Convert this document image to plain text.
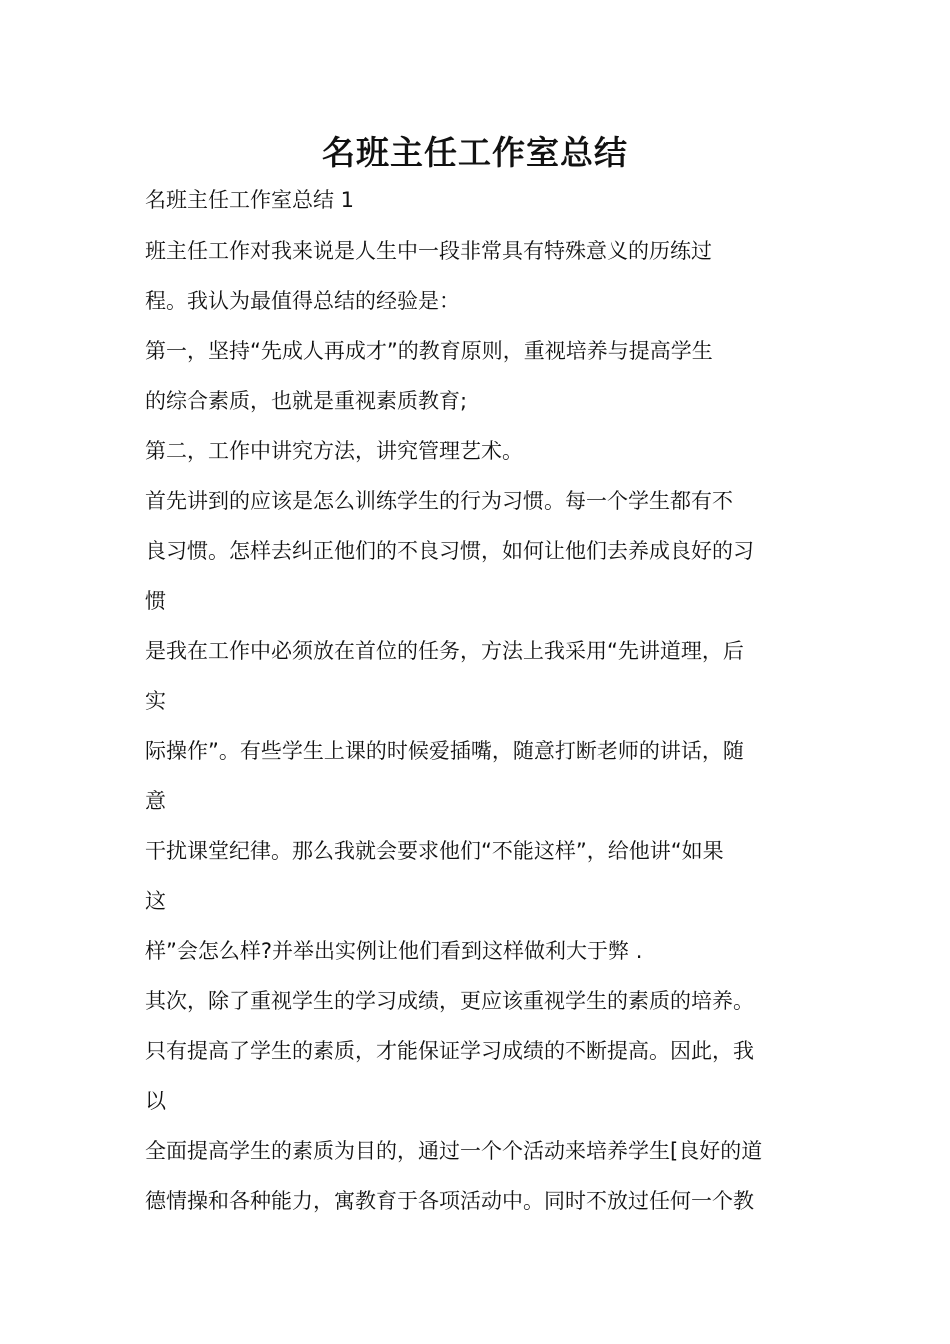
名班主任工作室总结

名班主任工作室总结 1

班主任工作对我来说是人生中一段非常具有特殊意义的历练过

程。我认为最值得总结的经验是：

第一，坚持“先成人再成才”的教育原则，重视培养与提高学生

的综合素质，也就是重视素质教育;

第二，工作中讲究方法，讲究管理艺术。

首先讲到的应该是怎么训练学生的行为习惯。每一个学生都有不

良习惯。怎样去纠正他们的不良习惯，如何让他们去养成良好的习

惯

是我在工作中必须放在首位的任务，方法上我采用“先讲道理，后

实

际操作”。有些学生上课的时候爱插嘴，随意打断老师的讲话，随

意

干扰课堂纪律。那么我就会要求他们“不能这样”，给他讲“如果

这

样”会怎么样?并举出实例让他们看到这样做利大于弊 .

其次，除了重视学生的学习成绩，更应该重视学生的素质的培养。

只有提高了学生的素质，才能保证学习成绩的不断提高。因此，我

以

全面提高学生的素质为目的，通过一个个活动来培养学生[良好的道

德情操和各种能力，寓教育于各项活动中。同时不放过任何一个教
